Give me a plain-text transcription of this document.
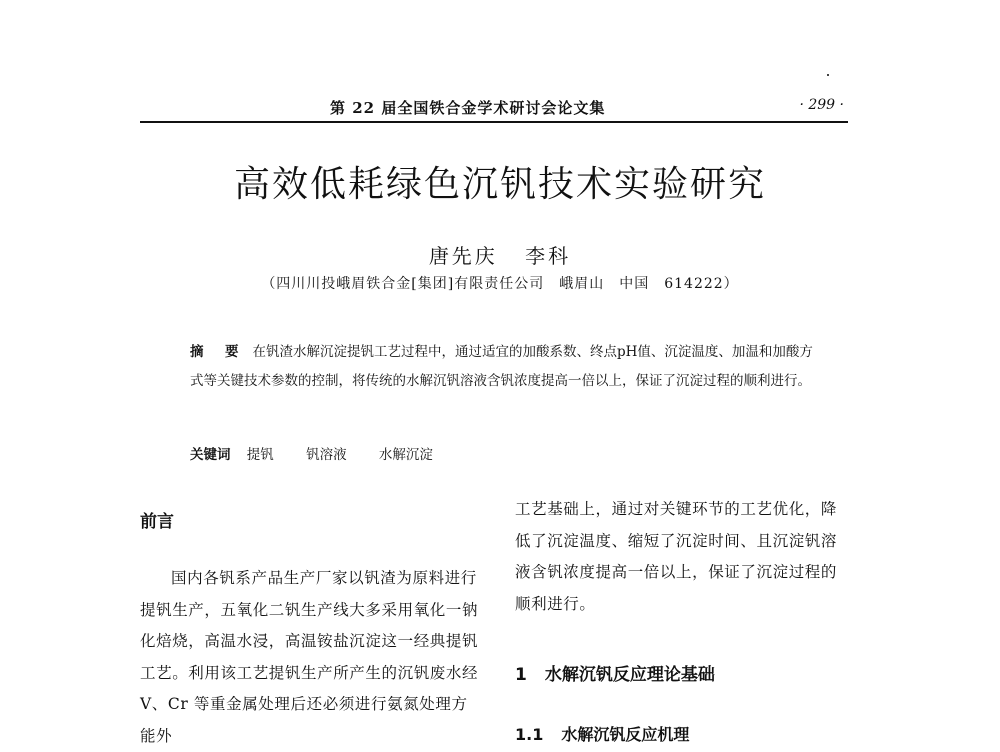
第 22 届全国铁合金学术研讨会论文集	· 299 ·
高效低耗绿色沉钒技术实验研究
唐先庆 李科
（四川川投峨眉铁合金[集团]有限责任公司　峨眉山　中国　614222）

摘　要 在钒渣水解沉淀提钒工艺过程中，通过适宜的加酸系数、终点pH值、沉淀温度、加温和加酸方式等关键技术参数的控制，将传统的水解沉钒溶液含钒浓度提高一倍以上，保证了沉淀过程的顺利进行。

关键词 提钒 钒溶液 水解沉淀
前言

国内各钒系产品生产厂家以钒渣为原料进行提钒生产，五氧化二钒生产线大多采用氧化一钠化焙烧，高温水浸，高温铵盐沉淀这一经典提钒工艺。利用该工艺提钒生产所产生的沉钒废水经 V、Cr 等重金属处理后还必须进行氨氮处理方能外

工艺基础上，通过对关键环节的工艺优化，降低了沉淀温度、缩短了沉淀时间、且沉淀钒溶液含钒浓度提高一倍以上，保证了沉淀过程的顺利进行。

1 水解沉钒反应理论基础
1.1 水解沉钒反应机理
